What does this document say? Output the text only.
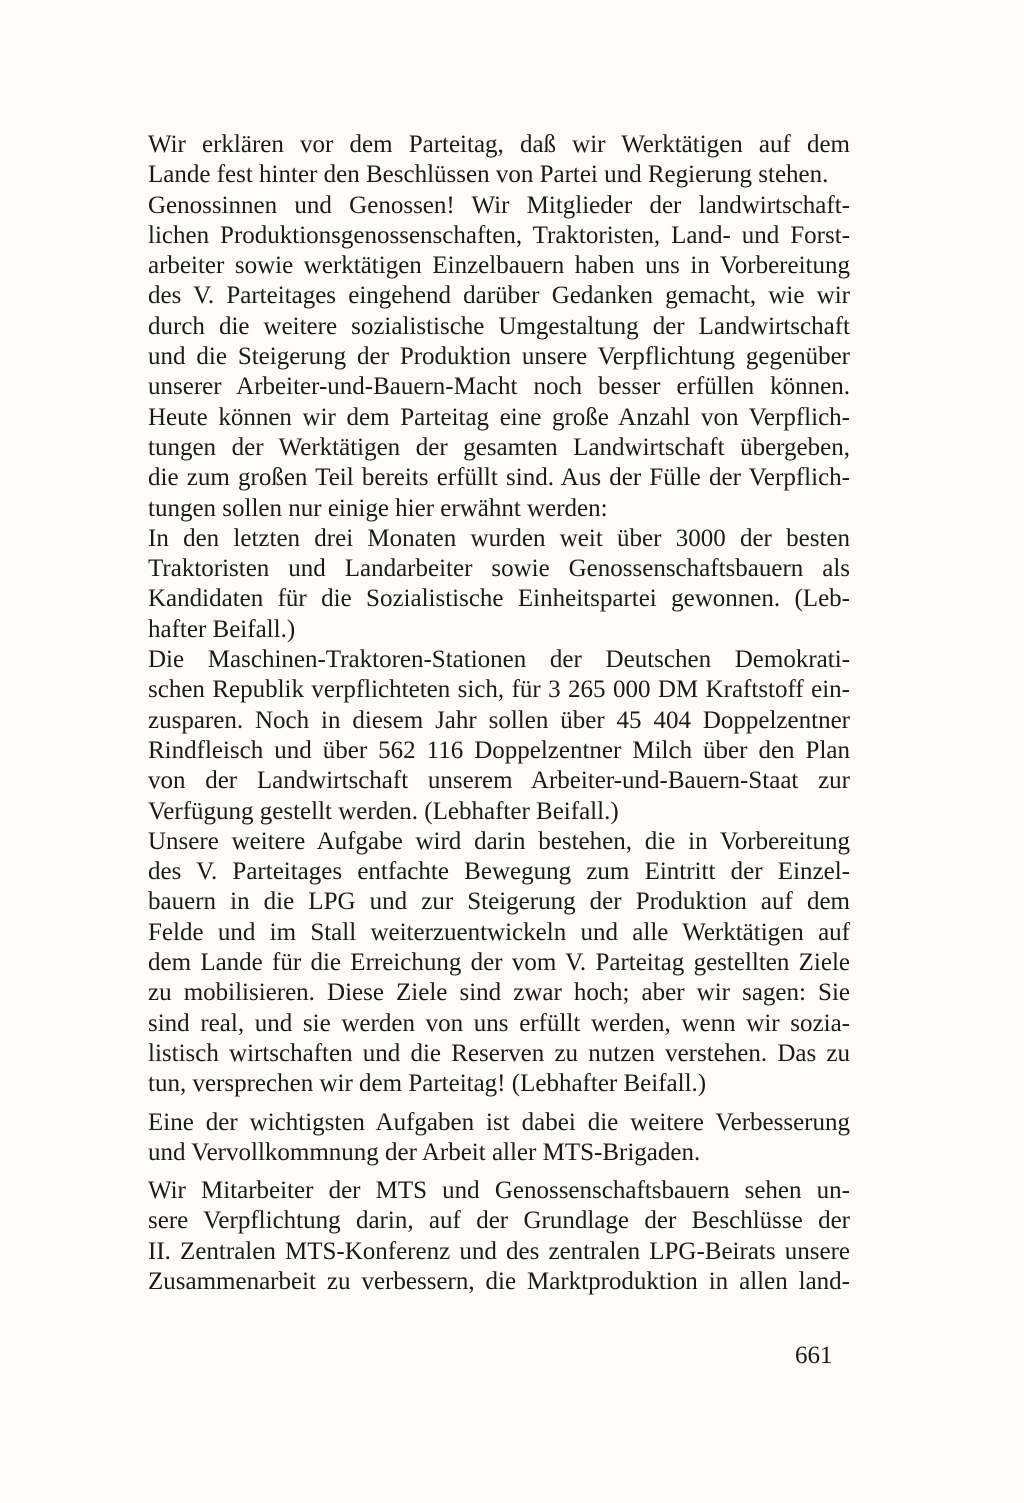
Wir erklären vor dem Parteitag, daß wir Werktätigen auf dem
Lande fest hinter den Beschlüssen von Partei und Regierung stehen.
Genossinnen und Genossen! Wir Mitglieder der landwirtschaft-
lichen Produktionsgenossenschaften, Traktoristen, Land- und Forst-
arbeiter sowie werktätigen Einzelbauern haben uns in Vorbereitung
des V. Parteitages eingehend darüber Gedanken gemacht, wie wir
durch die weitere sozialistische Umgestaltung der Landwirtschaft
und die Steigerung der Produktion unsere Verpflichtung gegenüber
unserer Arbeiter-und-Bauern-Macht noch besser erfüllen können.
Heute können wir dem Parteitag eine große Anzahl von Verpflich-
tungen der Werktätigen der gesamten Landwirtschaft übergeben,
die zum großen Teil bereits erfüllt sind. Aus der Fülle der Verpflich-
tungen sollen nur einige hier erwähnt werden:
In den letzten drei Monaten wurden weit über 3000 der besten
Traktoristen und Landarbeiter sowie Genossenschaftsbauern als
Kandidaten für die Sozialistische Einheitspartei gewonnen. (Leb-
hafter Beifall.)
Die Maschinen-Traktoren-Stationen der Deutschen Demokrati-
schen Republik verpflichteten sich, für 3 265 000 DM Kraftstoff ein-
zusparen. Noch in diesem Jahr sollen über 45 404 Doppelzentner
Rindfleisch und über 562 116 Doppelzentner Milch über den Plan
von der Landwirtschaft unserem Arbeiter-und-Bauern-Staat zur
Verfügung gestellt werden. (Lebhafter Beifall.)
Unsere weitere Aufgabe wird darin bestehen, die in Vorbereitung
des V. Parteitages entfachte Bewegung zum Eintritt der Einzel-
bauern in die LPG und zur Steigerung der Produktion auf dem
Felde und im Stall weiterzuentwickeln und alle Werktätigen auf
dem Lande für die Erreichung der vom V. Parteitag gestellten Ziele
zu mobilisieren. Diese Ziele sind zwar hoch; aber wir sagen: Sie
sind real, und sie werden von uns erfüllt werden, wenn wir sozia-
listisch wirtschaften und die Reserven zu nutzen verstehen. Das zu
tun, versprechen wir dem Parteitag! (Lebhafter Beifall.)
Eine der wichtigsten Aufgaben ist dabei die weitere Verbesserung
und Vervollkommnung der Arbeit aller MTS-Brigaden.
Wir Mitarbeiter der MTS und Genossenschaftsbauern sehen un-
sere Verpflichtung darin, auf der Grundlage der Beschlüsse der
II. Zentralen MTS-Konferenz und des zentralen LPG-Beirats unsere
Zusammenarbeit zu verbessern, die Marktproduktion in allen land-
661
